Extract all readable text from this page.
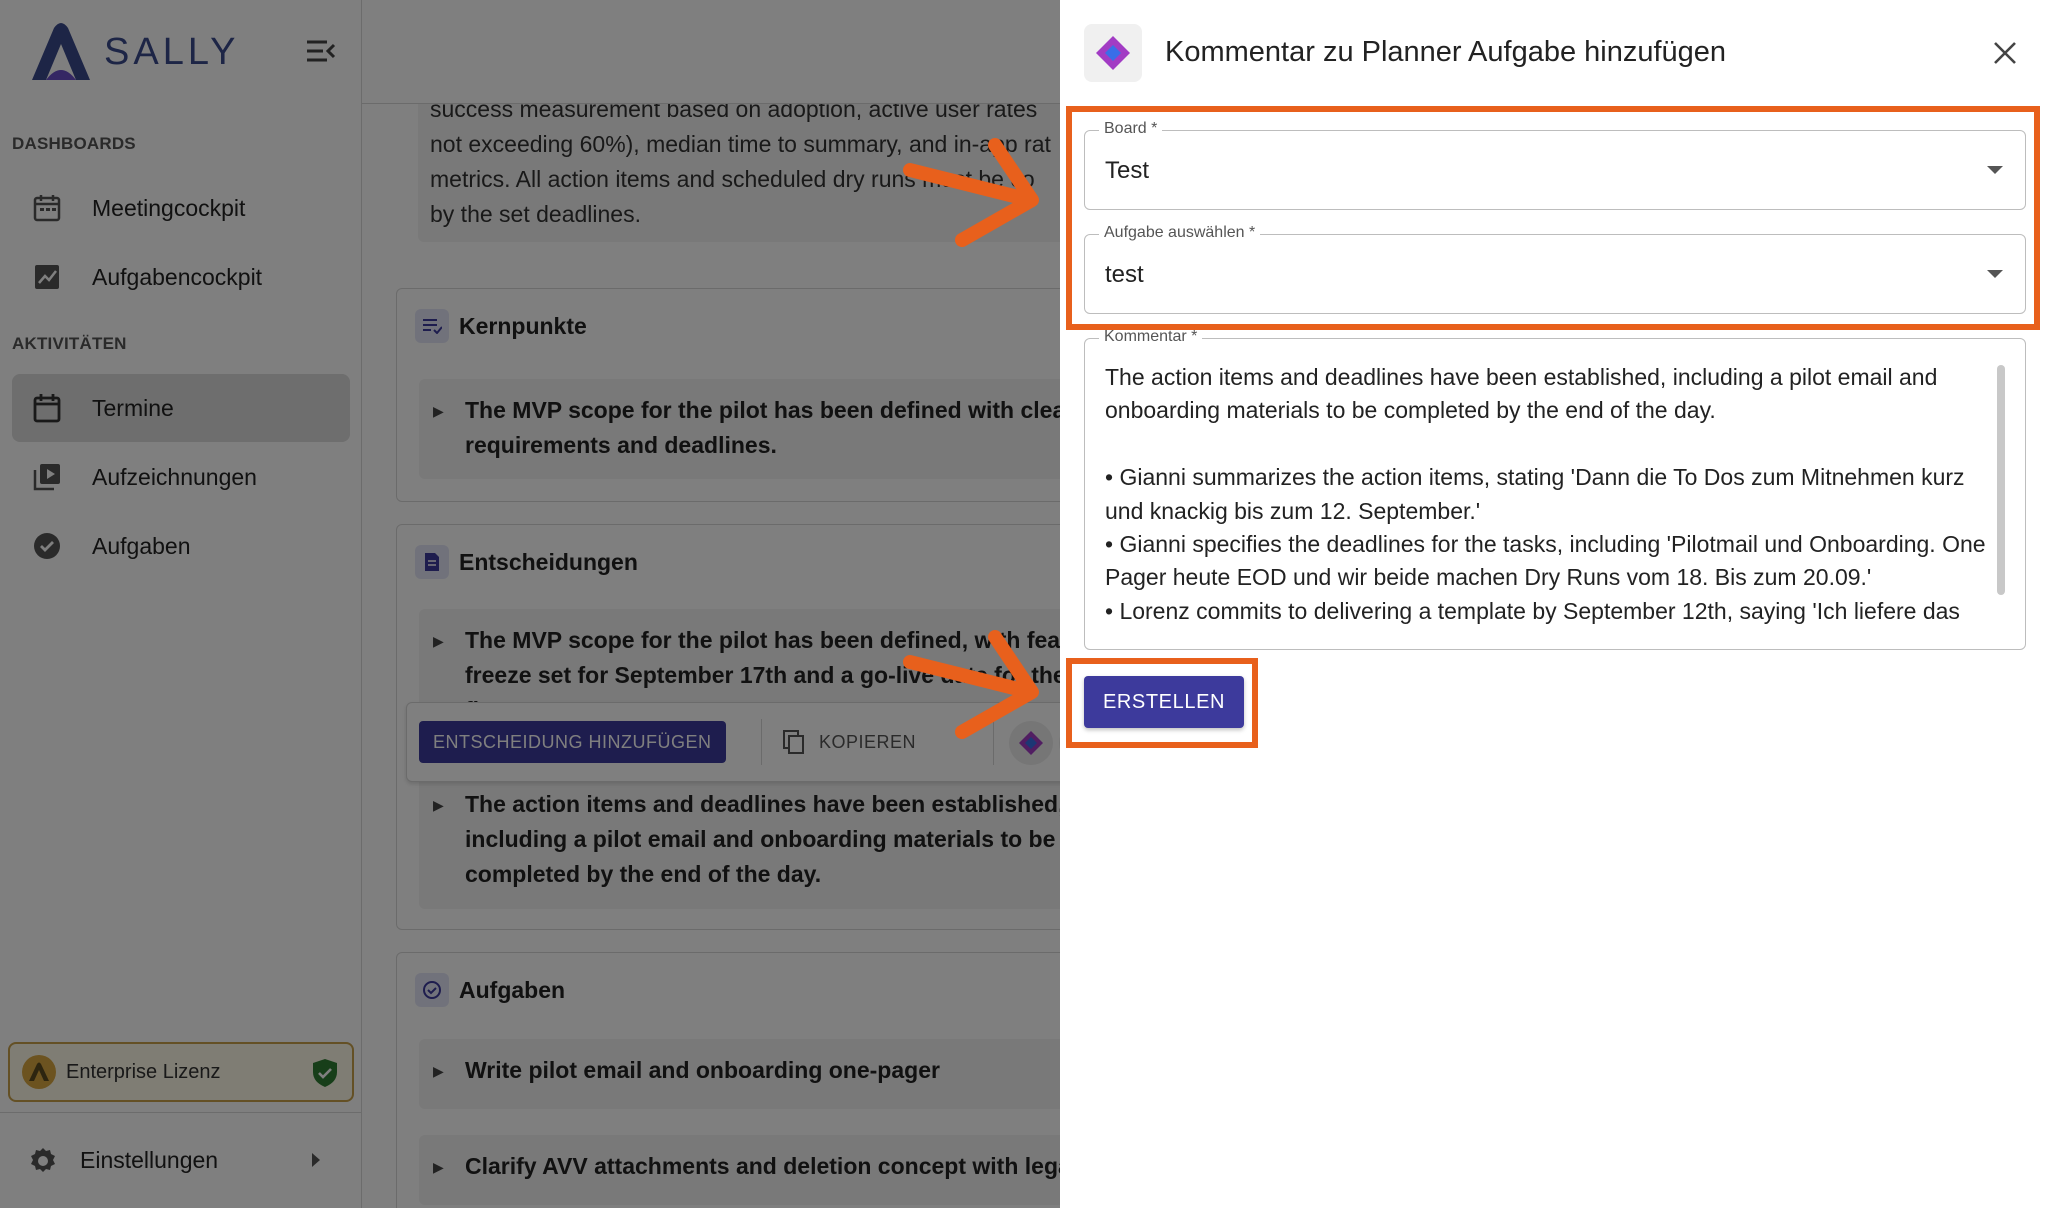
Kommentar zu Planner Aufgabe hinzufügen
Board *
Test
Aufgabe auswählen *
test
Kommentar *
The action items and deadlines have been established, including a pilot email and onboarding materials to be completed by the end of the day.

• Gianni summarizes the action items, stating 'Dann die To Dos zum Mitnehmen kurz und knackig bis zum 12. September.'
• Gianni specifies the deadlines for the tasks, including 'Pilotmail und Onboarding. One Pager heute EOD und wir beide machen Dry Runs vom 18. Bis zum 20.09.'
• Lorenz commits to delivering a template by September 12th, saying 'Ich liefere das
ERSTELLEN
